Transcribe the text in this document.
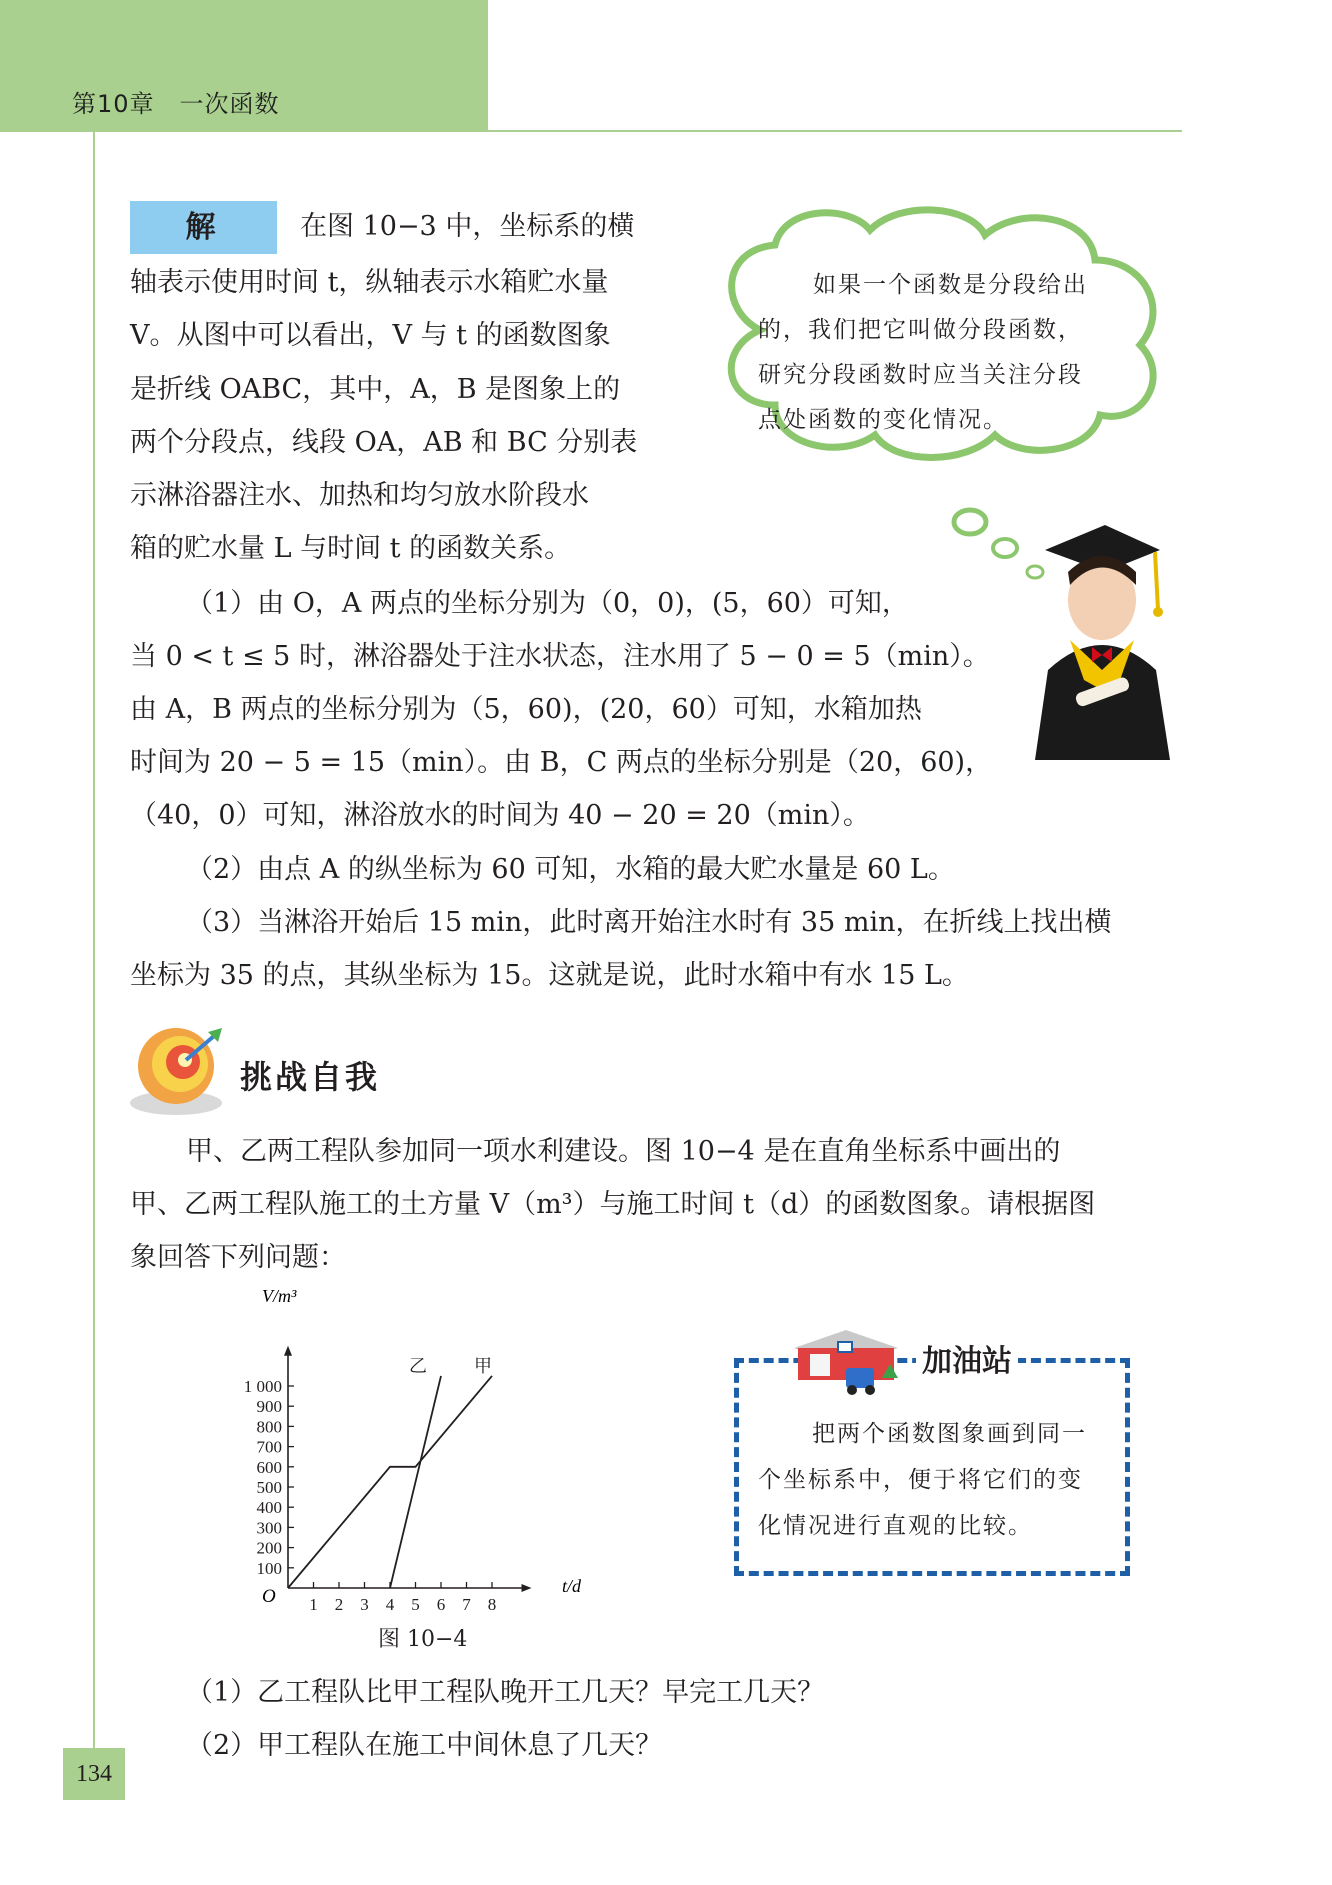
第10章　一次函数
解	在图 10−3 中，坐标系的横
轴表示使用时间 t，纵轴表示水箱贮水量
V。从图中可以看出，V 与 t 的函数图象
是折线 OABC，其中，A，B 是图象上的
两个分段点，线段 OA，AB 和 BC 分别表
示淋浴器注水、加热和均匀放水阶段水
箱的贮水量 L 与时间 t 的函数关系。
（1）由 O，A 两点的坐标分别为（0，0)，(5，60）可知，
当 0 < t ≤ 5 时，淋浴器处于注水状态，注水用了 5 − 0 = 5（min）。
由 A，B 两点的坐标分别为（5，60)，(20，60）可知，水箱加热
时间为 20 − 5 = 15（min）。由 B，C 两点的坐标分别是（20，60)，
（40，0）可知，淋浴放水的时间为 40 − 20 = 20（min）。
（2）由点 A 的纵坐标为 60 可知，水箱的最大贮水量是 60 L。
（3）当淋浴开始后 15 min，此时离开始注水时有 35 min，在折线上找出横
坐标为 35 的点，其纵坐标为 15。这就是说，此时水箱中有水 15 L。
如果一个函数是分段给出
的，我们把它叫做分段函数，
研究分段函数时应当关注分段
点处函数的变化情况。
挑战自我
甲、乙两工程队参加同一项水利建设。图 10−4 是在直角坐标系中画出的
甲、乙两工程队施工的土方量 V（m³）与施工时间 t（d）的函数图象。请根据图
象回答下列问题：
1 2 3 4 5 6 7 8
100
200
300
400
500
600
700
800
900
1 000
甲
乙
V/m³
t/d
O
图 10−4
加油站
把两个函数图象画到同一
个坐标系中，便于将它们的变
化情况进行直观的比较。
（1）乙工程队比甲工程队晚开工几天？早完工几天？
（2）甲工程队在施工中间休息了几天？
134
